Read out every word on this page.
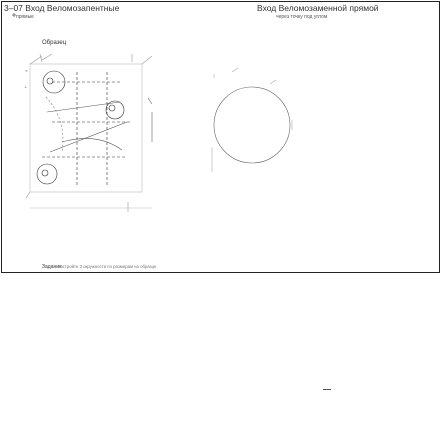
3–07 Вход Веломозапентные
прямые
Вход Веломозаменной прямой
через точку под углом
Образец
∝
⊥
Задание
постройте 3 окружности по размерам на образце
